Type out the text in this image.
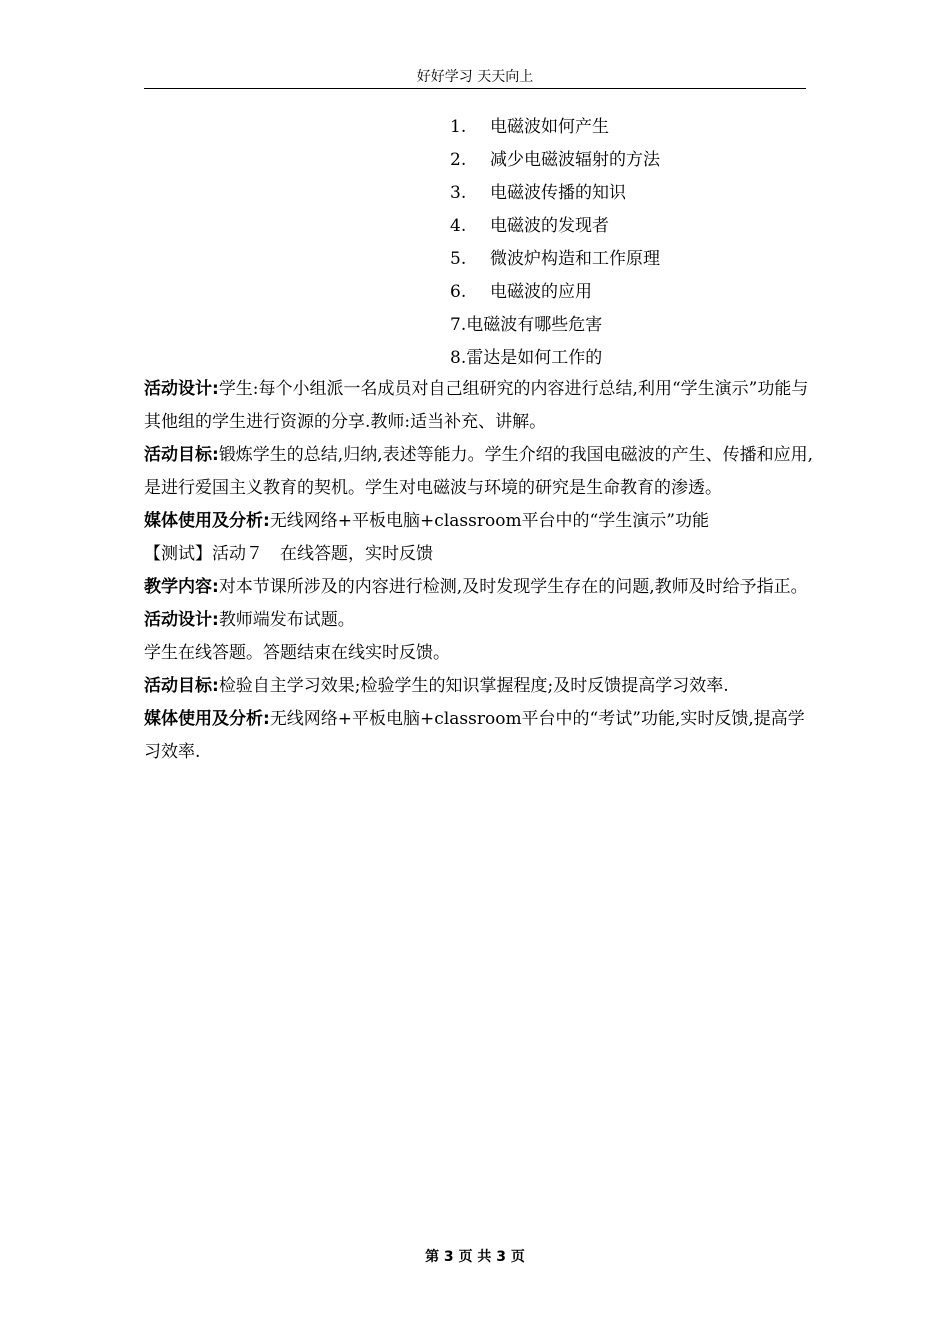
好好学习 天天向上
1. 电磁波如何产生
2. 减少电磁波辐射的方法
3. 电磁波传播的知识
4. 电磁波的发现者
5. 微波炉构造和工作原理
6. 电磁波的应用
7.电磁波有哪些危害
8.雷达是如何工作的

活动设计:学生:每个小组派一名成员对自己组研究的内容进行总结,利用“学生演示”功能与其他组的学生进行资源的分享.教师:适当补充、讲解。

活动目标:锻炼学生的总结,归纳,表述等能力。学生介绍的我国电磁波的产生、传播和应用,是进行爱国主义教育的契机。学生对电磁波与环境的研究是生命教育的渗透。

媒体使用及分析:无线网络+平板电脑+classroom平台中的“学生演示”功能

【测试】活动７　在线答题，实时反馈

教学内容:对本节课所涉及的内容进行检测,及时发现学生存在的问题,教师及时给予指正。

活动设计:教师端发布试题。

学生在线答题。答题结束在线实时反馈。

活动目标:检验自主学习效果;检验学生的知识掌握程度;及时反馈提高学习效率.

媒体使用及分析:无线网络+平板电脑+classroom平台中的“考试”功能,实时反馈,提高学习效率.

第 3 页 共 3 页
